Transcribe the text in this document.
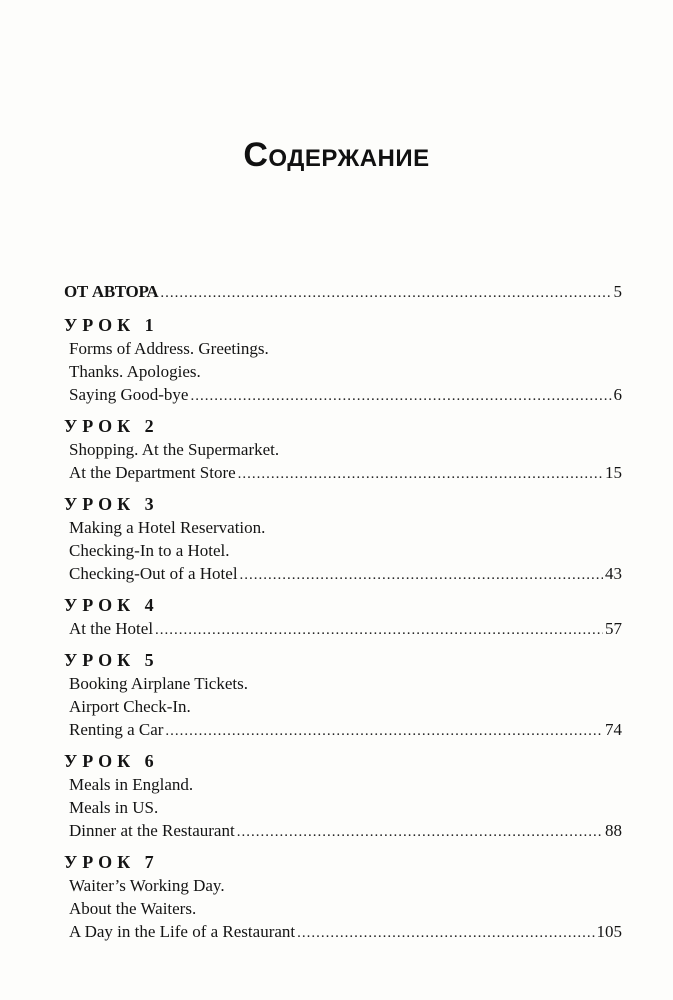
Содержание
ОТ АВТОРА .....	5
УРОК 1
Forms of Address. Greetings.
Thanks. Apologies.
Saying Good-bye .....	6
УРОК 2
Shopping. At the Supermarket.
At the Department Store .....	15
УРОК 3
Making a Hotel Reservation.
Checking-In to a Hotel.
Checking-Out of a Hotel .....	43
УРОК 4
At the Hotel .....	57
УРОК 5
Booking Airplane Tickets.
Airport Check-In.
Renting a Car .....	74
УРОК 6
Meals in England.
Meals in US.
Dinner at the Restaurant .....	88
УРОК 7
Waiter’s Working Day.
About the Waiters.
A Day in the Life of a Restaurant .....	105
